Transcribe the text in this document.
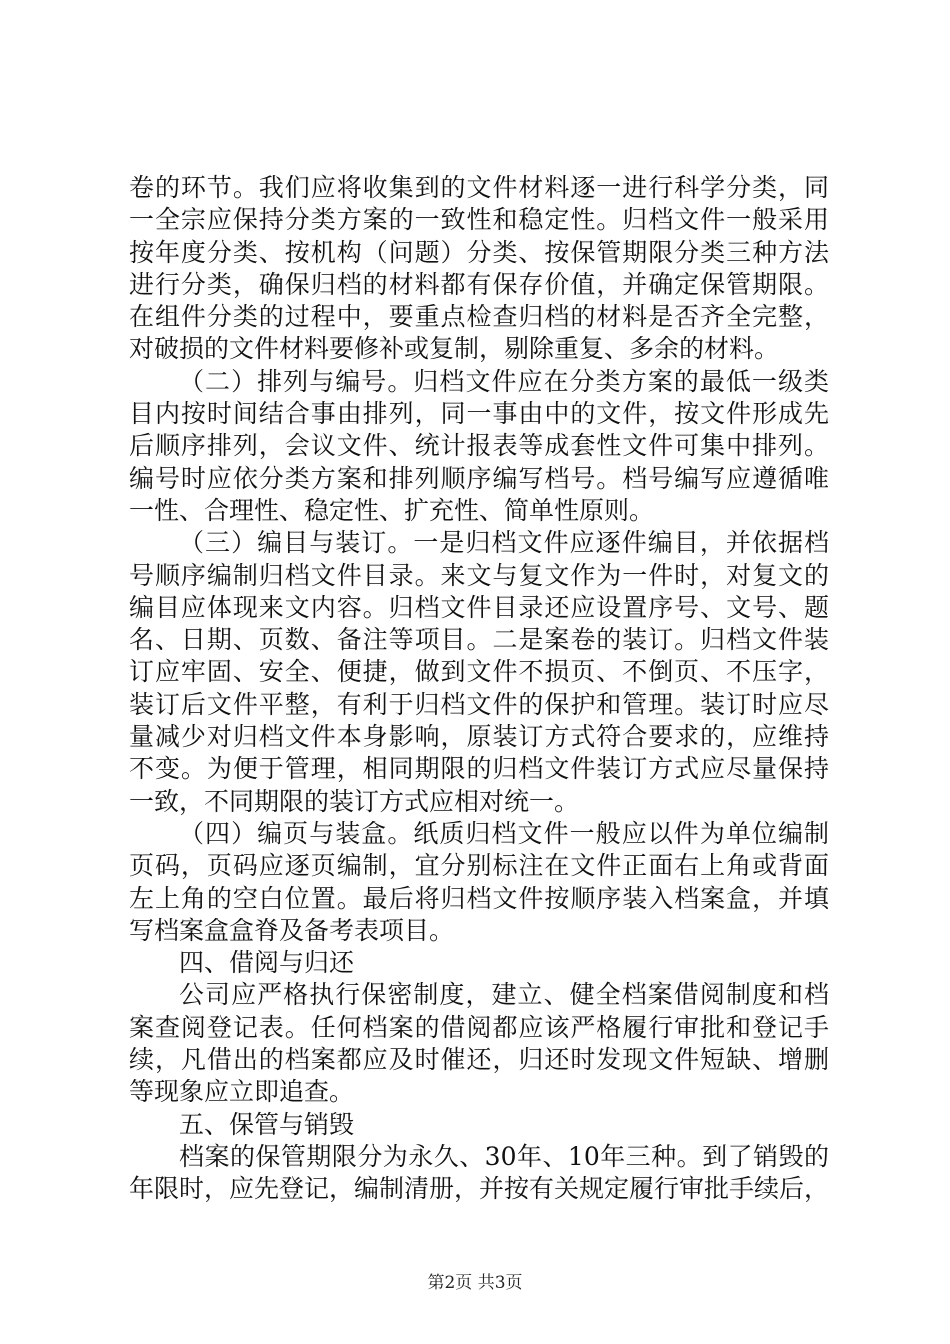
卷的环节。我们应将收集到的文件材料逐一进行科学分类，同
一全宗应保持分类方案的一致性和稳定性。归档文件一般采用
按年度分类、按机构（问题）分类、按保管期限分类三种方法
进行分类，确保归档的材料都有保存价值，并确定保管期限。
在组件分类的过程中，要重点检查归档的材料是否齐全完整，
对破损的文件材料要修补或复制，剔除重复、多余的材料。
（二）排列与编号。归档文件应在分类方案的最低一级类
目内按时间结合事由排列，同一事由中的文件，按文件形成先
后顺序排列，会议文件、统计报表等成套性文件可集中排列。
编号时应依分类方案和排列顺序编写档号。档号编写应遵循唯
一性、合理性、稳定性、扩充性、简单性原则。
（三）编目与装订。一是归档文件应逐件编目，并依据档
号顺序编制归档文件目录。来文与复文作为一件时，对复文的
编目应体现来文内容。归档文件目录还应设置序号、文号、题
名、日期、页数、备注等项目。二是案卷的装订。归档文件装
订应牢固、安全、便捷，做到文件不损页、不倒页、不压字，
装订后文件平整，有利于归档文件的保护和管理。装订时应尽
量减少对归档文件本身影响，原装订方式符合要求的，应维持
不变。为便于管理，相同期限的归档文件装订方式应尽量保持
一致，不同期限的装订方式应相对统一。
（四）编页与装盒。纸质归档文件一般应以件为单位编制
页码，页码应逐页编制，宜分别标注在文件正面右上角或背面
左上角的空白位置。最后将归档文件按顺序装入档案盒，并填
写档案盒盒脊及备考表项目。
四、借阅与归还
公司应严格执行保密制度，建立、健全档案借阅制度和档
案查阅登记表。任何档案的借阅都应该严格履行审批和登记手
续，凡借出的档案都应及时催还，归还时发现文件短缺、增删
等现象应立即追查。
五、保管与销毁
档案的保管期限分为永久、30年、10年三种。到了销毁的
年限时，应先登记，编制清册，并按有关规定履行审批手续后，
第2页 共3页
